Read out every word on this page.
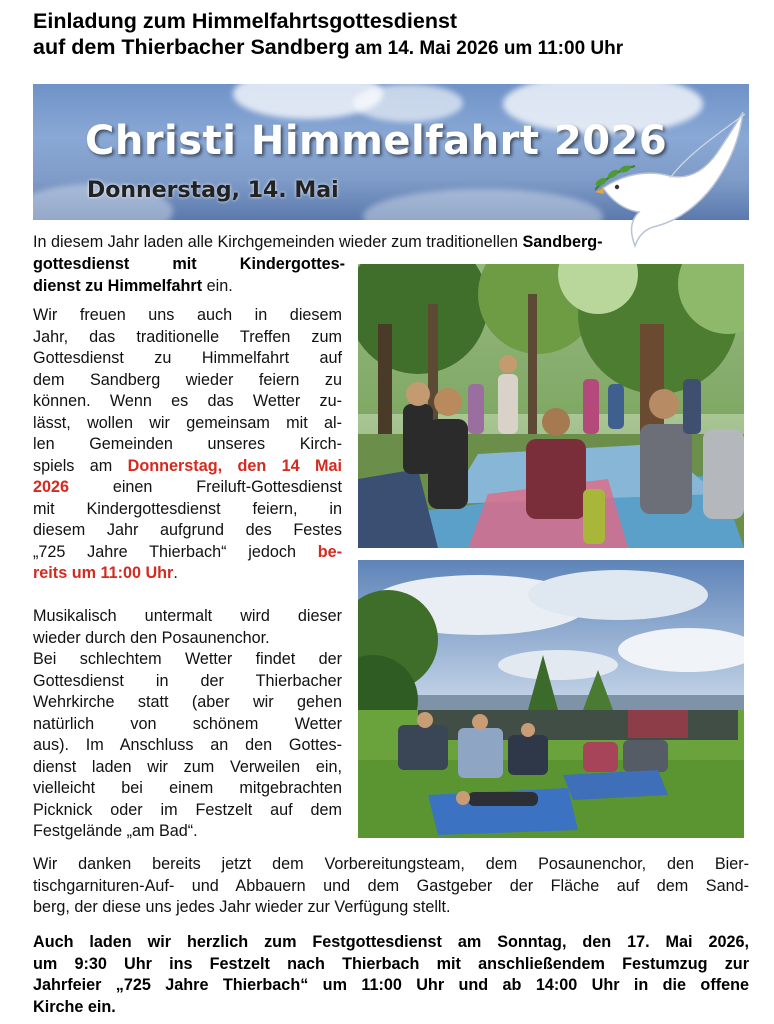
Einladung zum Himmelfahrtsgottesdienst
auf dem Thierbacher Sandberg am 14. Mai 2026 um 11:00 Uhr
Christi Himmelfahrt 2026
Donnerstag, 14. Mai
In diesem Jahr laden alle Kirchgemeinden wieder zum traditionellen Sandberg-
gottesdienst mit Kindergottes-
dienst zu Himmelfahrt ein.
Wir freuen uns auch in diesem
Jahr, das traditionelle Treffen zum
Gottesdienst zu Himmelfahrt auf
dem Sandberg wieder feiern zu
können. Wenn es das Wetter zu-
lässt, wollen wir gemeinsam mit al-
len Gemeinden unseres Kirch-
spiels am Donnerstag, den 14 Mai
2026 einen Freiluft-Gottesdienst
mit Kindergottesdienst feiern, in
diesem Jahr aufgrund des Festes
„725 Jahre Thierbach“ jedoch be-
reits um 11:00 Uhr.
Musikalisch untermalt wird dieser
wieder durch den Posaunenchor.
Bei schlechtem Wetter findet der
Gottesdienst in der Thierbacher
Wehrkirche statt (aber wir gehen
natürlich von schönem Wetter
aus). Im Anschluss an den Gottes-
dienst laden wir zum Verweilen ein,
vielleicht bei einem mitgebrachten
Picknick oder im Festzelt auf dem
Festgelände „am Bad“.
Wir danken bereits jetzt dem Vorbereitungsteam, dem Posaunenchor, den Bier-
tischgarnituren-Auf- und Abbauern und dem Gastgeber der Fläche auf dem Sand-
berg, der diese uns jedes Jahr wieder zur Verfügung stellt.
Auch laden wir herzlich zum Festgottesdienst am Sonntag, den 17. Mai 2026,
um 9:30 Uhr ins Festzelt nach Thierbach mit anschließendem Festumzug zur
Jahrfeier „725 Jahre Thierbach“ um 11:00 Uhr und ab 14:00 Uhr in die offene
Kirche ein.
